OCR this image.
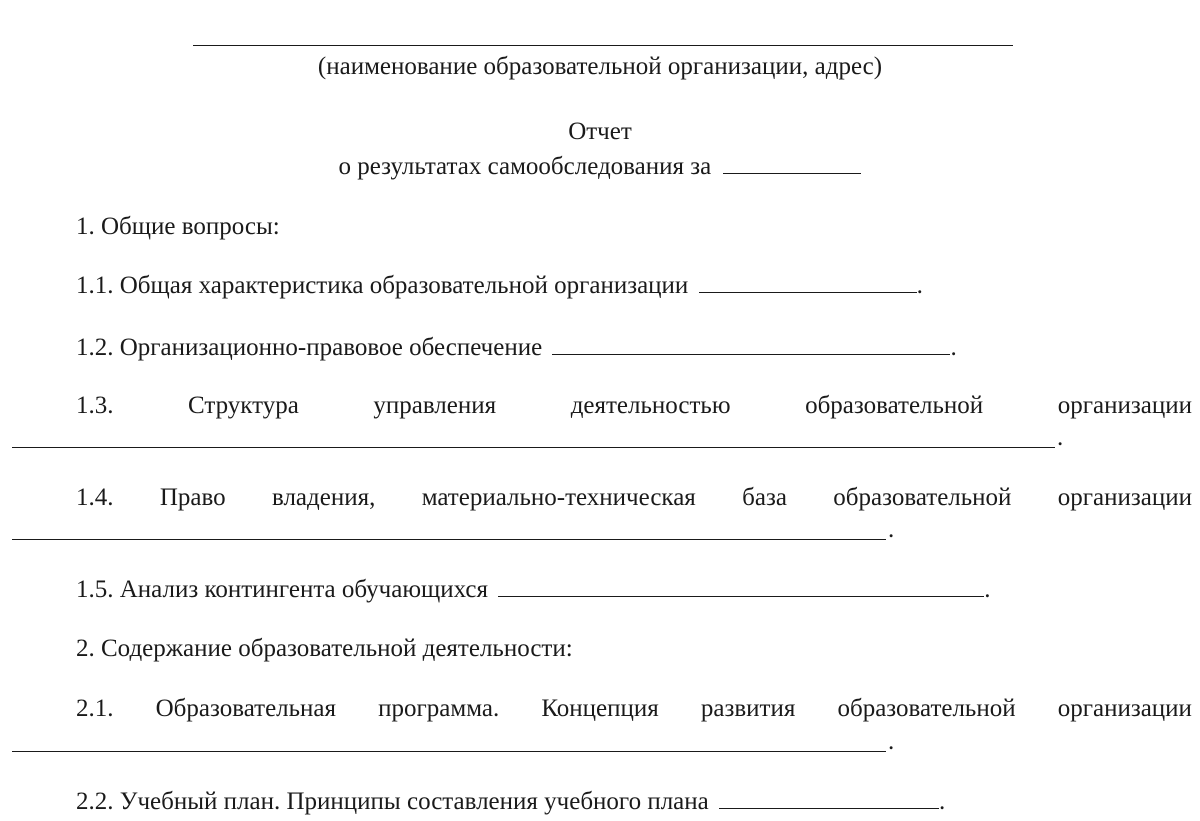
(наименование образовательной организации, адрес)
Отчет
о результатах самообследования за
1. Общие вопросы:
1.1. Общая характеристика образовательной организации	.
1.2. Организационно-правовое обеспечение	.
1.3.	Структура	управления	деятельностью	образовательной	организации
.
1.4. Право владения, материально-техническая база образовательной организации
.
1.5. Анализ контингента обучающихся	.
2. Содержание образовательной деятельности:
2.1. Образовательная программа. Концепция развития образовательной организации
.
2.2. Учебный план. Принципы составления учебного плана	.
